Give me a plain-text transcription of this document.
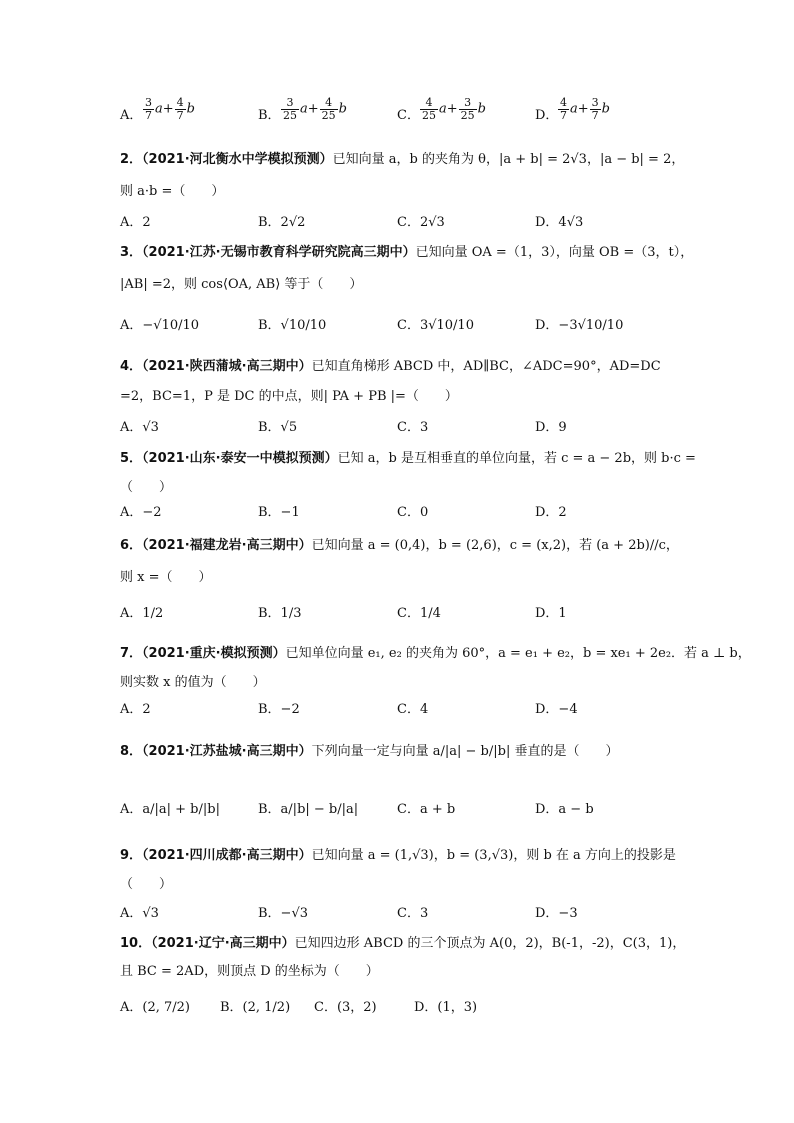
A． $\frac{3}{7} a+ \frac{4}{7}$ b	B． $\frac{3}{25} a+ \frac{4}{25}$ b	C． $\frac{4}{25} a+ \frac{3}{25}$ b	D． $\frac{4}{7} a+ \frac{3}{7}$ b
2．（2021·河北衡水中学模拟预测）已知向量 a，b 的夹角为 θ，|a + b| = 2√3，|a − b| = 2，
则 a·b =（　　）
A．2	B．2√2	C．2√3	D．4√3
3．（2021·江苏·无锡市教育科学研究院高三期中）已知向量 OA =（1，3），向量 OB =（3，t），
|AB| =2，则 cos⟨OA, AB⟩ 等于（　　）
A．−√10/10	B．√10/10	C．3√10/10	D．−3√10/10
4．（2021·陕西蒲城·高三期中）已知直角梯形 ABCD 中，AD∥BC，∠ADC=90°，AD=DC
=2，BC=1，P 是 DC 的中点，则| PA + PB |=（　　）
A．√3	B．√5	C．3	D．9
5．（2021·山东·泰安一中模拟预测）已知 a，b 是互相垂直的单位向量，若 c = a − 2b，则 b·c =
（　　）
A．−2	B．−1	C．0	D．2
6．（2021·福建龙岩·高三期中）已知向量 a = (0,4)，b = (2,6)，c = (x,2)，若 (a + 2b)//c，
则 x =（　　）
A．1/2	B．1/3	C．1/4	D．1
7．（2021·重庆·模拟预测）已知单位向量 e₁, e₂ 的夹角为 60°，a = e₁ + e₂，b = xe₁ + 2e₂．若 a ⊥ b，
则实数 x 的值为（　　）
A．2	B．−2	C．4	D．−4
8．（2021·江苏盐城·高三期中）下列向量一定与向量 a/|a| − b/|b| 垂直的是（　　）
A．a/|a| + b/|b|	B．a/|b| − b/|a|	C．a + b	D．a − b
9．（2021·四川成都·高三期中）已知向量 a = (1,√3)，b = (3,√3)，则 b 在 a 方向上的投影是
（　　）
A．√3	B．−√3	C．3	D．−3
10．（2021·辽宁·高三期中）已知四边形 ABCD 的三个顶点为 A(0，2)，B(-1，-2)，C(3，1)，
且 BC = 2AD，则顶点 D 的坐标为（　　）
A．(2, 7/2) B．(2, 1/2) C．(3，2)	D．(1，3)
